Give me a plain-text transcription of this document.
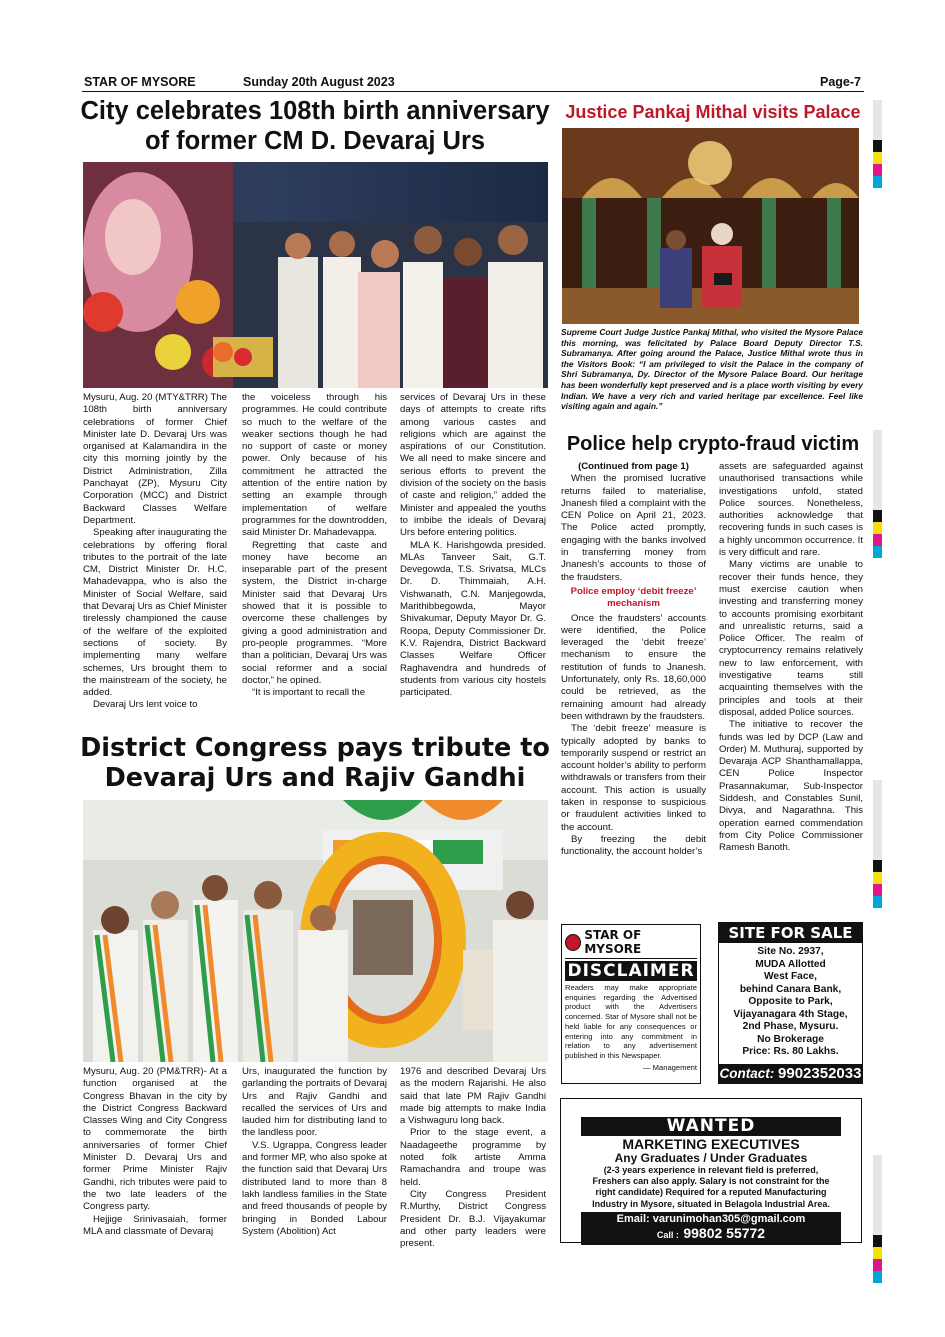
STAR OF MYSORE	Sunday 20th August 2023	Page-7
City celebrates 108th birth anniversary
of former CM D. Devaraj Urs

Mysuru, Aug. 20 (MTY&TRR) The 108th birth anniversary celebrations of former Chief Minister late D. Devaraj Urs was organised at Kalamandira in the city this morning jointly by the District Administration, Zilla Panchayat (ZP), Mysuru City Corporation (MCC) and District Backward Classes Welfare Department.

Speaking after inaugurating the celebrations by offering floral tributes to the portrait of the late CM, District Minister Dr. H.C. Mahadevappa, who is also the Minister of Social Welfare, said that Devaraj Urs as Chief Minister tirelessly championed the cause of the welfare of the exploited sections of society. By implementing many welfare schemes, Urs brought them to the mainstream of the society, he added.

Devaraj Urs lent voice to

the voiceless through his programmes. He could contribute so much to the welfare of the weaker sections though he had no support of caste or money power. Only because of his commitment he attracted the attention of the entire nation by setting an example through implementation of welfare programmes for the downtrodden, said Minister Dr. Mahadevappa.

Regretting that caste and money have become an inseparable part of the present system, the District in-charge Minister said that Devaraj Urs showed that it is possible to overcome these challenges by giving a good administration and pro-people programmes. “More than a politician, Devaraj Urs was social reformer and a social doctor,” he opined.

“It is important to recall the

services of Devaraj Urs in these days of attempts to create rifts among various castes and religions which are against the aspirations of our Constitution. We all need to make sincere and serious efforts to prevent the division of the society on the basis of caste and religion,” added the Minister and appealed the youths to imbibe the ideals of Devaraj Urs before entering politics.

MLA K. Harishgowda presided. MLAs Tanveer Sait, G.T. Devegowda, T.S. Srivatsa, MLCs Dr. D. Thimmaiah, A.H. Vishwanath, C.N. Manjegowda, Marithibbegowda, Mayor Shivakumar, Deputy Mayor Dr. G. Roopa, Deputy Commissioner Dr. K.V. Rajendra, District Backward Classes Welfare Officer Raghavendra and hundreds of students from various city hostels participated.

Justice Pankaj Mithal visits Palace
Supreme Court Judge Justice Pankaj Mithal, who visited the Mysore Palace this morning, was felicitated by Palace Board Deputy Director T.S. Subramanya. After going around the Palace, Justice Mithal wrote thus in the Visitors Book: “I am privileged to visit the Palace in the company of Shri Subramanya, Dy. Director of the Mysore Palace Board. Our heritage has been wonderfully kept preserved and is a place worth visiting by every Indian. We have a very rich and varied heritage par excellence. Feel like visiting again and again.”
Police help crypto-fraud victim

(Continued from page 1)

When the promised lucrative returns failed to materialise, Jnanesh filed a complaint with the CEN Police on April 21, 2023. The Police acted promptly, engaging with the banks involved in transferring money from Jnanesh’s accounts to those of the fraudsters.

Police employ ‘debit freeze’ mechanism

Once the fraudsters’ accounts were identified, the Police leveraged the ‘debit freeze’ mechanism to ensure the restitution of funds to Jnanesh. Unfortunately, only Rs. 18,60,000 could be retrieved, as the remaining amount had already been withdrawn by the fraudsters.

The ‘debit freeze’ measure is typically adopted by banks to temporarily suspend or restrict an account holder’s ability to perform withdrawals or transfers from their account. This action is usually taken in response to suspicious or fraudulent activities linked to the account.

By freezing the debit functionality, the account holder’s

assets are safeguarded against unauthorised transactions while investigations unfold, stated Police sources. Nonetheless, authorities acknowledge that recovering funds in such cases is a highly uncommon occurrence. It is very difficult and rare.

Many victims are unable to recover their funds hence, they must exercise caution when investing and transferring money to accounts promising exorbitant and unrealistic returns, said a Police Officer. The realm of cryptocurrency remains relatively new to law enforcement, with investigative teams still acquainting themselves with the principles and tools at their disposal, added Police sources.

The initiative to recover the funds was led by DCP (Law and Order) M. Muthuraj, supported by Devaraja ACP Shanthamallappa, CEN Police Inspector Prasannakumar, Sub-Inspector Siddesh, and Constables Sunil, Divya, and Nagarathna. This operation earned commendation from City Police Commissioner Ramesh Banoth.

District Congress pays tribute to
Devaraj Urs and Rajiv Gandhi

Mysuru, Aug. 20 (PM&TRR)- At a function organised at the Congress Bhavan in the city by the District Congress Backward Classes Wing and City Congress to commemorate the birth anniversaries of former Chief Minister D. Devaraj Urs and former Prime Minister Rajiv Gandhi, rich tributes were paid to the two late leaders of the Congress party.

Hejjige Srinivasaiah, former MLA and classmate of Devaraj

Urs, inaugurated the function by garlanding the portraits of Devaraj Urs and Rajiv Gandhi and recalled the services of Urs and lauded him for distributing land to the landless poor.

V.S. Ugrappa, Congress leader and former MP, who also spoke at the function said that Devaraj Urs distributed land to more than 8 lakh landless families in the State and freed thousands of people by bringing in Bonded Labour System (Abolition) Act

1976 and described Devaraj Urs as the modern Rajarishi. He also said that late PM Rajiv Gandhi made big attempts to make India a Vishwaguru long back.

Prior to the stage event, a Naadageethe programme by noted folk artiste Amma Ramachandra and troupe was held.

City Congress President R.Murthy, District Congress President Dr. B.J. Vijayakumar and other party leaders were present.

STAR OF MYSORE
DISCLAIMER
Readers may make appropriate enquiries regarding the Advertised product with the Advertisers concerned. Star of Mysore shall not be held liable for any consequences or entering into any commitment in relation to any advertisement published in this Newspaper.
— Management
SITE FOR SALE
Site No. 2937,
MUDA Allotted
West Face,
behind Canara Bank,
Opposite to Park,
Vijayanagara 4th Stage,
2nd Phase, Mysuru.
No Brokerage
Price: Rs. 80 Lakhs.
Contact: 9902352033
WANTED
MARKETING EXECUTIVES
Any Graduates / Under Graduates
(2-3 years experience in relevant field is preferred,
Freshers can also apply. Salary is not constraint for the
right candidate) Required for a reputed Manufacturing
Industry in Mysore, situated in Belagola Industrial Area.
Email: varunimohan305@gmail.com
Call : 99802 55772
